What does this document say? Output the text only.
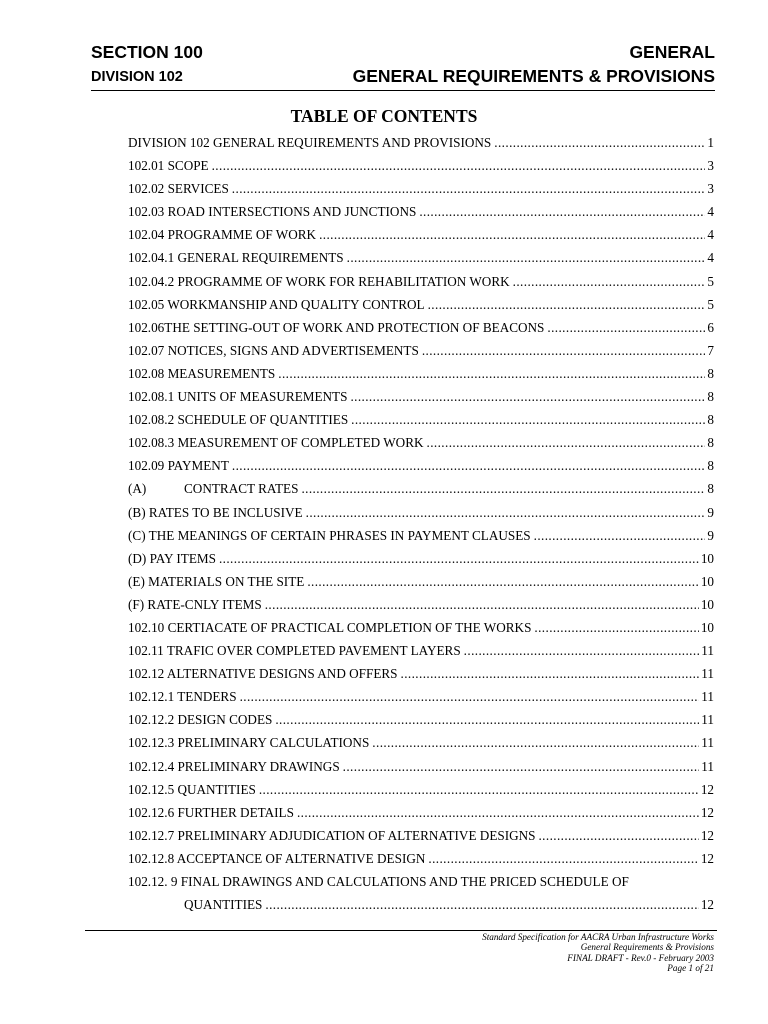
SECTION 100	GENERAL
DIVISION 102	GENERAL REQUIREMENTS & PROVISIONS
TABLE OF CONTENTS
DIVISION 102 GENERAL REQUIREMENTS AND PROVISIONS .....	1
102.01 SCOPE .....	3
102.02 SERVICES .....	3
102.03 ROAD INTERSECTIONS AND JUNCTIONS .....	4
102.04 PROGRAMME OF WORK .....	4
102.04.1 GENERAL REQUIREMENTS .....	4
102.04.2 PROGRAMME OF WORK FOR REHABILITATION WORK .....	5
102.05 WORKMANSHIP AND QUALITY CONTROL .....	5
102.06THE SETTING-OUT OF WORK AND PROTECTION OF BEACONS .....	6
102.07 NOTICES, SIGNS AND ADVERTISEMENTS .....	7
102.08 MEASUREMENTS .....	8
102.08.1 UNITS OF MEASUREMENTS .....	8
102.08.2 SCHEDULE OF QUANTITIES .....	8
102.08.3 MEASUREMENT OF COMPLETED WORK .....	8
102.09 PAYMENT .....	8
(A)	CONTRACT RATES .....	8
(B) RATES TO BE INCLUSIVE .....	9
(C) THE MEANINGS OF CERTAIN PHRASES IN PAYMENT CLAUSES .....	9
(D) PAY ITEMS .....	10
(E) MATERIALS ON THE SITE .....	10
(F) RATE-CNLY ITEMS .....	10
102.10 CERTIACATE OF PRACTICAL COMPLETION OF THE WORKS .....	10
102.11 TRAFIC OVER COMPLETED PAVEMENT LAYERS .....	11
102.12 ALTERNATIVE DESIGNS AND OFFERS .....	11
102.12.1 TENDERS .....	11
102.12.2 DESIGN CODES .....	11
102.12.3 PRELIMINARY CALCULATIONS .....	11
102.12.4 PRELIMINARY DRAWINGS .....	11
102.12.5 QUANTITIES .....	12
102.12.6 FURTHER DETAILS .....	12
102.12.7 PRELIMINARY ADJUDICATION OF ALTERNATIVE DESIGNS .....	12
102.12.8 ACCEPTANCE OF ALTERNATIVE DESIGN .....	12
102.12. 9 FINAL DRAWINGS AND CALCULATIONS AND THE PRICED SCHEDULE OF
QUANTITIES .....	12
Standard Specification for AACRA Urban Infrastructure Works
General Requirements & Provisions
FINAL DRAFT - Rev.0 - February 2003
Page 1 of 21
